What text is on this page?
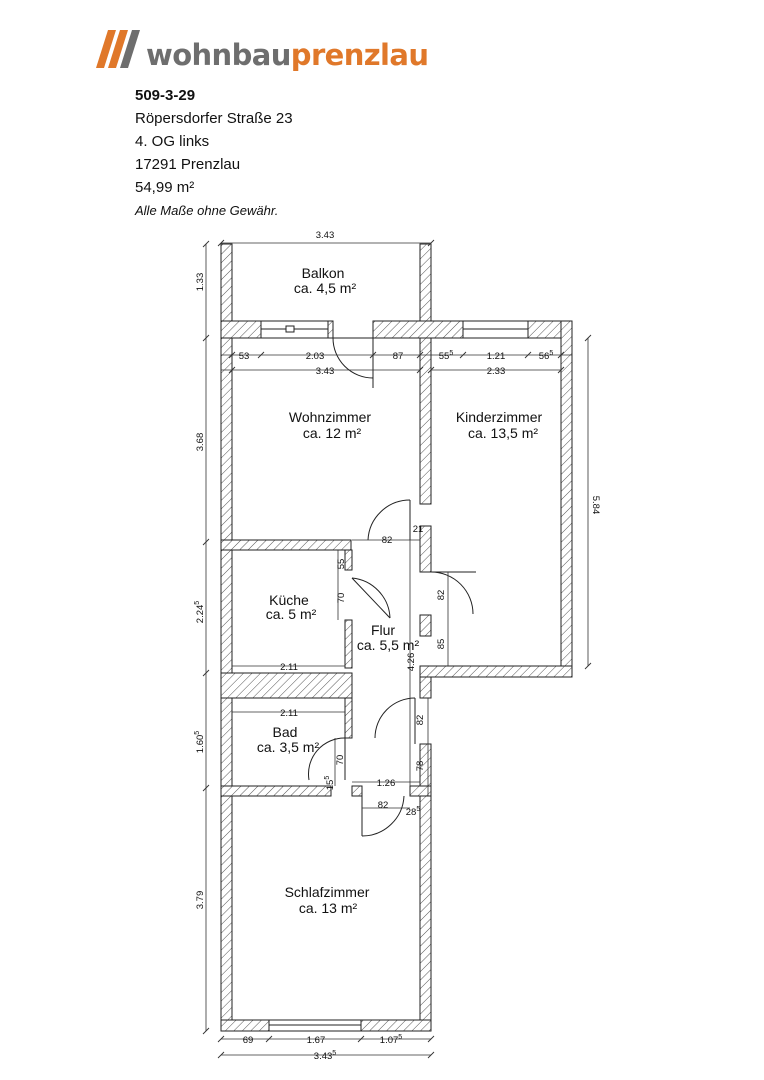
wohnbauprenzlau
509-3-29
Röpersdorfer Straße 23
4. OG links
17291 Prenzlau
54,99 m²
Alle Maße ohne Gewähr.
Balkon
ca. 4,5 m²
Wohnzimmer
ca. 12 m²
Kinderzimmer
ca. 13,5 m²
Küche
ca. 5 m²
Flur
ca. 5,5 m²
Bad
ca. 3,5 m²
Schlafzimmer
ca. 13 m²
3.43
1.33
53	2.03	87	$55^5$	1.21	$56^5$
3.43	2.33
3.68
5.84
82
21
55
70	82
85
2.24$^5$
2.11	4.26
2.11
82
1.60$^5$
70
78
$15^5$
1.26
82
$28^5$
3.79
69	1.67	1.07$^5$
3.43$^5$
